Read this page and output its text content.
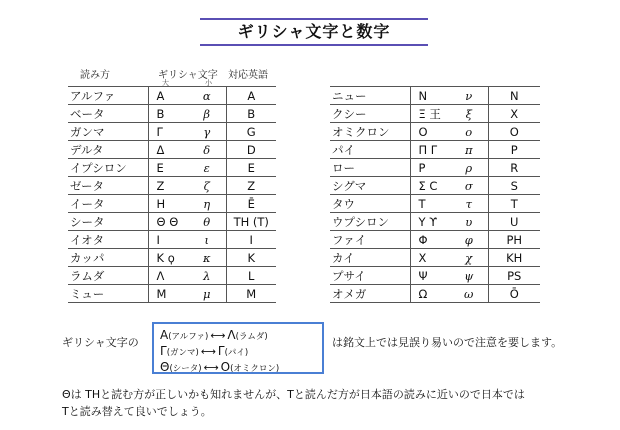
ギリシャ文字と数字
読み方	ギリシャ文字 対応英語
大	小
アルファ	Α	α	A
ベータ	Β	β	B
ガンマ	Γ	γ	G
デルタ	Δ	δ	D
イプシロン	Ε	ε	E
ゼータ	Ζ	ζ	Z
イータ	Η	η	Ē
シータ	Θ Θ	θ	TH (T)
イオタ	Ι	ι	I
カッパ	Κ ϙ	κ	K
ラムダ	Λ	λ	L
ミュー	Μ	μ	M
ニュー	Ν	ν	N
クシー	Ξ 王	ξ	X
オミクロン	Ο	ο	O
パイ	Π Γ	π	P
ロー	Ρ	ρ	R
シグマ	Σ C	σ	S
タウ	Τ	τ	T
ウプシロン	Υ ϒ	υ	U
ファイ	Φ	φ	PH
カイ	Χ	χ	KH
プサイ	Ψ	ψ	PS
オメガ	Ω	ω	Ō
ギリシャ文字の
Α(アルファ) ⟷ Λ(ラムダ)
Γ(ガンマ) ⟷ Γ(パイ)
Θ(シータ) ⟷ Ο(オミクロン)
は銘文上では見誤り易いので注意を要します。
Θは THと読む方が正しいかも知れませんが、Tと読んだ方が日本語の読みに近いので日本では
Tと読み替えて良いでしょう。
